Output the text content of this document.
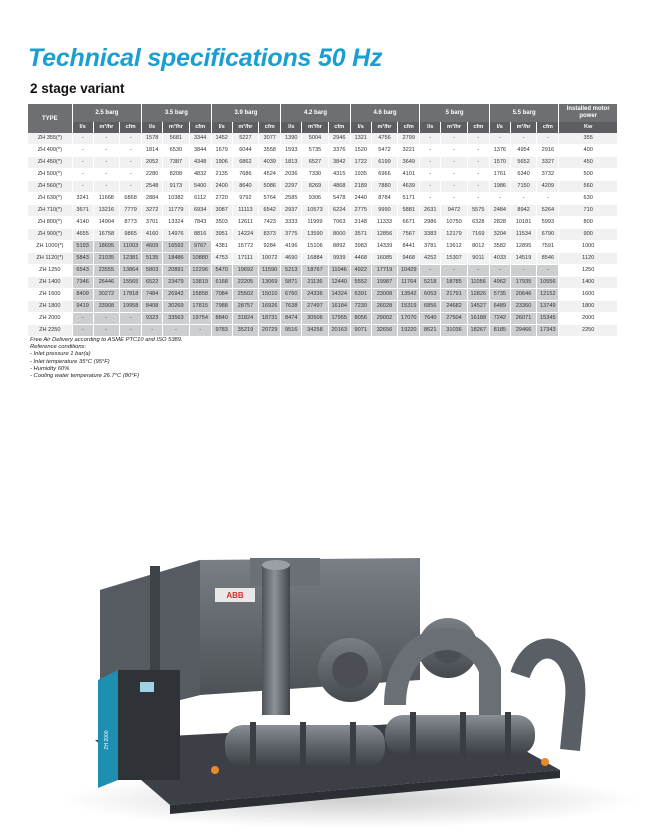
Technical specifications 50 Hz
2 stage variant
TYPE	2.5 barg			3.5 barg			3.9 barg			4.2 barg			4.6 barg			5 barg			5.5 barg			Installed motor power
	l/s	m³/hr	cfm	l/s	m³/hr	cfm	l/s	m³/hr	cfm	l/s	m³/hr	cfm	l/s	m³/hr	cfm	l/s	m³/hr	cfm	l/s	m³/hr	cfm	Kw
ZH 355(*)	-	-	-	1578	5681	3344	1452	5227	3077	1390	5004	2946	1321	4756	2799	-	-	-	-	-	-	355
ZH 400(*)	-	-	-	1814	6530	3844	1679	6044	3558	1593	5735	3376	1520	5472	3221	-	-	-	1376	4954	2916	400
ZH 450(*)	-	-	-	2052	7387	4348	1906	6862	4039	1813	6527	3842	1722	6199	3649	-	-	-	1570	5652	3327	450
ZH 500(*)	-	-	-	2280	8208	4832	2135	7686	4524	2036	7330	4315	1935	6966	4101	-	-	-	1761	6340	3732	500
ZH 560(*)	-	-	-	2548	9173	5400	2400	8640	5086	2297	8269	4868	2189	7880	4639	-	-	-	1986	7150	4209	560
ZH 630(*)	3241	11668	6868	2884	10382	6112	2720	9792	5764	2585	9306	5478	2440	8784	5171	-	-	-	-	-	-	630
ZH 710(*)	3671	13216	7779	3272	11779	6934	3087	11113	6542	2937	10573	6224	2775	9990	5881	2631	9472	5575	2484	8942	5264	710
ZH 800(*)	4140	14904	8773	3701	13324	7843	3503	12611	7423	3333	11999	7063	3148	11333	6671	2986	10750	6328	2828	10181	5993	800
ZH 900(*)	4655	16758	9865	4160	14976	8816	3951	14224	8373	3775	13590	8000	3571	12856	7567	3383	12179	7169	3204	11534	6790	900
ZH 1000(*)	5193	18695	11003	4609	16592	9767	4381	15772	9284	4196	15106	8892	3983	14339	8441	3781	13612	8012	3582	12895	7591	1000
ZH 1120(*)	5843	21035	12381	5135	18486	10880	4753	17111	10072	4690	16884	9939	4468	16085	9468	4252	15307	9011	4033	14519	8546	1120
ZH 1250	6543	23555	13864	5803	20891	12296	5470	19692	11590	5213	18767	11046	4922	17719	10429	-	-	-	-	-	-	1250
ZH 1400	7346	26446	15565	6522	23479	13819	6168	22205	13069	5871	21136	12440	5552	19987	11764	5218	18785	11056	4962	17935	10556	1400
ZH 1600	8409	30272	17818	7484	26942	15858	7084	25502	15010	6760	24336	14324	6391	23008	13542	6053	21791	12826	5735	20646	12152	1600
ZH 1800	9419	33908	19958	8408	30269	17815	7988	28757	16926	7638	27497	16184	7230	26028	15319	6856	24682	14527	6489	23360	13749	1800
ZH 2000	-	-	-	9323	33563	19754	8840	31824	18731	8474	30506	17955	8056	29002	17070	7640	27504	16188	7242	26071	15345	2000
ZH 2250	-	-	-	-	-	-	9783	35219	20729	9516	34258	20163	9071	32656	19220	8621	31036	18267	8185	29466	17343	2250
Free Air Delivery according to ASME PTC10 and ISO 5389.
Reference conditions:
- Inlet pressure 1 bar(a)
- Inlet temperature 35°C (95°F)
- Humidity 60%
- Cooling water temperature 26.7°C (80°F)
ABB
ZH 2000
